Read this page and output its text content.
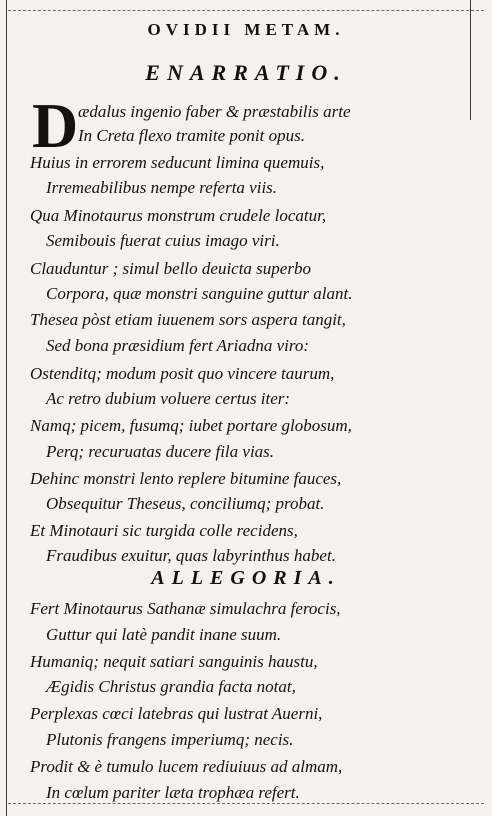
OVIDII METAM.
ENARRATIO.
D ædalus ingenio faber & præstabilis arte
In Creta flexo tramite ponit opus.
Huius in errorem seducunt limina quemuis,
Irremeabilibus nempe referta viis.
Qua Minotaurus monstrum crudele locatur,
Semibouis fuerat cuius imago viri.
Clauduntur ; simul bello deuicta superbo
Corpora, quæ monstri sanguine guttur alant.
Thesea pòst etiam iuuenem sors aspera tangit,
Sed bona præsidium fert Ariadna viro:
Ostenditq; modum posit quo vincere taurum,
Ac retro dubium voluere certus iter:
Namq; picem, fusumq; iubet portare globosum,
Perq; recuruatas ducere fila vias.
Dehinc monstri lento replere bitumine fauces,
Obsequitur Theseus, conciliumq; probat.
Et Minotauri sic turgida colle recidens,
Fraudibus exuitur, quas labyrinthus habet.
ALLEGORIA.
Fert Minotaurus Sathanæ simulachra ferocis,
Guttur qui latè pandit inane suum.
Humaniq; nequit satiari sanguinis haustu,
Ægidis Christus grandia facta notat,
Perplexas cœci latebras qui lustrat Auerni,
Plutonis frangens imperiumq; necis.
Prodit & è tumulo lucem rediuiuus ad almam,
In cœlum pariter læta trophæa refert.
